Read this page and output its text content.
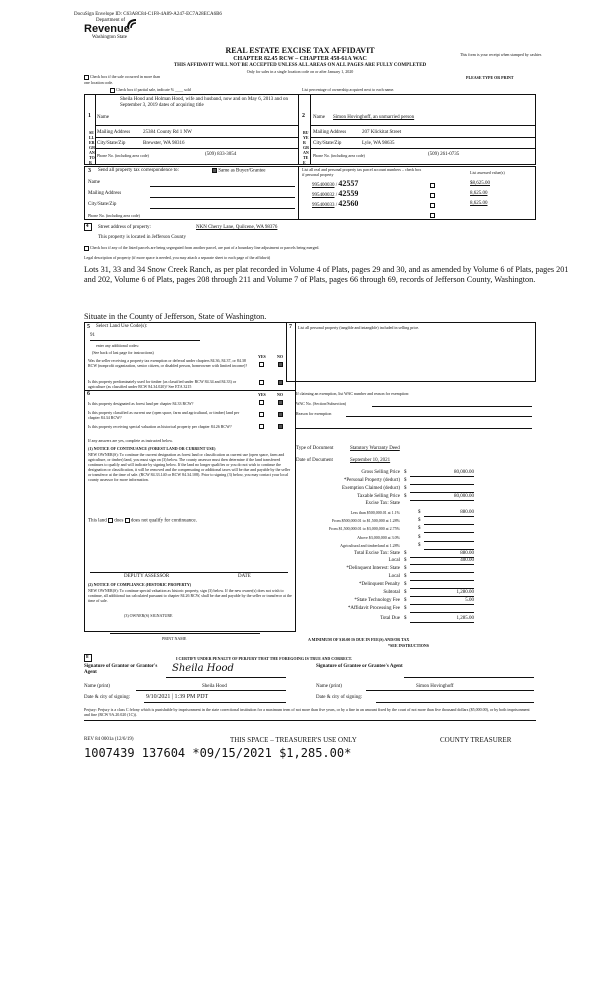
DocuSign Envelope ID: C63A8C84-C1F8-4A89-A247-EC7A28ECA6B6
Department of
Revenue
Washington State
REAL ESTATE EXCISE TAX AFFIDAVIT
CHAPTER 82.45 RCW – CHAPTER 458-61A WAC
THIS AFFIDAVIT WILL NOT BE ACCEPTED UNLESS ALL AREAS ON ALL PAGES ARE FULLY COMPLETED
Only for sales in a single location code on or after January 1, 2020
This form is your receipt when stamped by cashier.
PLEASE TYPE OR PRINT
Check box if the sale occurred in more than one location code.
Check box if partial sale, indicate % ____ sold	List percentage of ownership acquired next to each name.
1
SELLER GRANTOR
Name
Sheila Hood and Holman Hood, wife and husband, now and on May 6, 2013 and on September 3, 2019 dates of acquiring title
Mailing Address	25384 County Rd 1 NW
City/State/Zip	Brewster, WA 98316
Phone No. (including area code)	(509) 833-3054
2
BUYER GRANTEE
Name Simon Hovinghoff, an unmarried person
Mailing Address	207 Klickitat Street
City/State/Zip	Lyle, WA 98635
Phone No. (including area code)	(509) 261-0735
3 Send all property tax correspondence to:	Same as Buyer/Grantee
Name
Mailing Address
City/State/Zip
Phone No. (including area code)
List all real and personal property tax parcel account numbers – check box if personal property	List assessed value(s)
995400030 / 42557	$8,625.00
995400032 / 42559	8,625.00
995400033 / 42560	8,625.00
4 Street address of property:	NKN Cherry Lane, Quilcene, WA 98376
This property is located in Jefferson County
Check box if any of the listed parcels are being segregated from another parcel, are part of a boundary line adjustment or parcels being merged.
Legal description of property (if more space is needed, you may attach a separate sheet to each page of the affidavit)
Lots 31, 33 and 34 Snow Creek Ranch, as per plat recorded in Volume 4 of Plats, pages 29 and 30, and as amended by Volume 6 of Plats, pages 201 and 202, Volume 6 of Plats, pages 208 through 211 and Volume 7 of Plats, pages 66 through 69, records of Jefferson County, Washington.
Situate in the County of Jefferson, State of Washington.
5 Select Land Use Code(s):
91
enter any additional codes:
(See back of last page for instructions)
YES	NO
Was the seller receiving a property tax exemption or deferral under chapters 84.36, 84.37, or 84.38 RCW (nonprofit organization, senior citizen, or disabled person, homeowner with limited income)?
Is this property predominately used for timber (as classified under RCW 84.34 and 84.33) or agriculture (as classified under RCW 84.34.020)? See ETA 3215
6	YES	NO
Is this property designated as forest land per chapter 84.33 RCW?
Is this property classified as current use (open space, farm and agricultural, or timber) land per chapter 84.34 RCW?
Is this property receiving special valuation as historical property per chapter 84.26 RCW?
If any answers are yes, complete as instructed below.
(1) NOTICE OF CONTINUANCE (FOREST LAND OR CURRENT USE)
NEW OWNER(S): To continue the current designation as forest land or classification as current use (open space, farm and agriculture, or timber) land, you must sign on (3) below. The county assessor must then determine if the land transferred continues to qualify and will indicate by signing below. If the land no longer qualifies or you do not wish to continue the designation or classification, it will be removed and the compensating or additional taxes will be due and payable by the seller or transferor at the time of sale. (RCW 84.33.140 or RCW 84.34.108). Prior to signing (3) below, you may contact your local county assessor for more information.
This land does does not qualify for continuance.
DEPUTY ASSESSOR	DATE
(2) NOTICE OF COMPLIANCE (HISTORIC PROPERTY)
NEW OWNER(S): To continue special valuation as historic property, sign (3) below. If the new owner(s) does not wish to continue, all additional tax calculated pursuant to chapter 84.26 RCW, shall be due and payable by the seller or transferor at the time of sale.
(3) OWNER(S) SIGNATURE
PRINT NAME
7 List all personal property (tangible and intangible) included in selling price.
If claiming an exemption, list WAC number and reason for exemption:
WAC No. (Section/Subsection)
Reason for exemption
Type of Document	Statutory Warranty Deed
Date of Document	September 10, 2021
Gross Selling Price $	80,000.00
*Personal Property (deduct) $
Exemption Claimed (deduct) $
Taxable Selling Price $	80,000.00
Excise Tax: State
Less than $500,000.01 at 1.1%	$	880.00
From $500,000.01 to $1,500,000 at 1.28%	$
From $1,500,000.01 to $3,000,000 at 2.75%	$
Above $3,000,000 at 3.0%	$
Agricultural and timberland at 1.28%	$
Total Excise Tax: State $	880.00
Local $	400.00
*Delinquent Interest: State $
Local $
*Delinquent Penalty $
Subtotal $	1,280.00
*State Technology Fee $	5.00
*Affidavit Processing Fee $
Total Due $	1,285.00
A MINIMUM OF $10.00 IS DUE IN FEE(S) AND/OR TAX
*SEE INSTRUCTIONS
8	I CERTIFY UNDER PENALTY OF PERJURY THAT THE FOREGOING IS TRUE AND CORRECT.
Signature of Grantor or Grantor's Agent	Sheila Hood	Signature of Grantee or Grantee's Agent
Name (print)	Sheila Hood	Name (print)	Simon Hovinghoff
Date & city of signing:	9/10/2021 | 1:39 PM PDT	Date & city of signing:
Perjury: Perjury is a class C felony which is punishable by imprisonment in the state correctional institution for a maximum term of not more than five years, or by a fine in an amount fixed by the court of not more than five thousand dollars ($5,000.00), or by both imprisonment and fine (RCW 9A.20.020 (1C)).
REV 84 0001a (12/6/19)	THIS SPACE – TREASURER'S USE ONLY	COUNTY TREASURER
1007439 137604 *09/15/2021 $1,285.00*
